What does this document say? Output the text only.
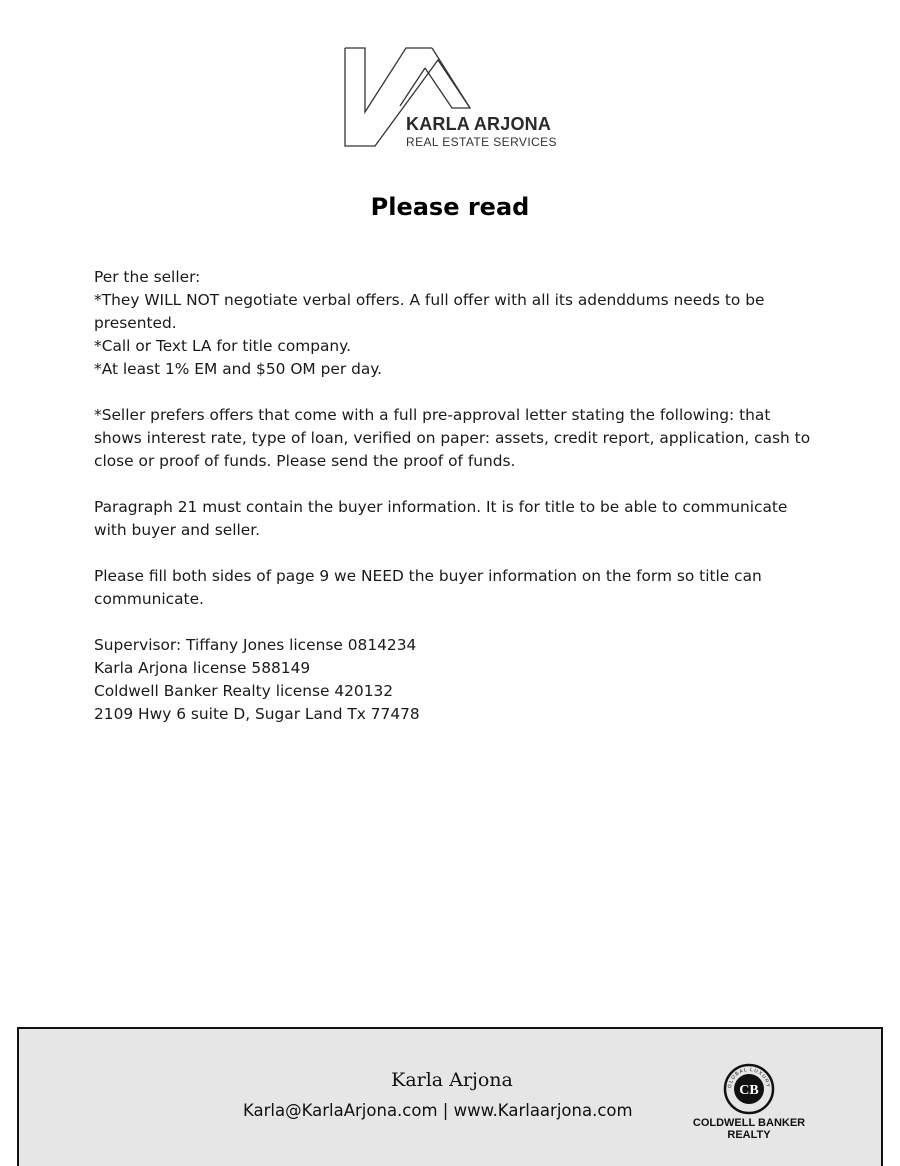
KARLA ARJONA
REAL ESTATE SERVICES
Please read

Per the seller:

*They WILL NOT negotiate verbal offers. A full offer with all its adenddums needs to be presented.

*Call or Text LA for title company.

*At least 1% EM and $50 OM per day.

*Seller prefers offers that come with a full pre-approval letter stating the following: that shows interest rate, type of loan, verified on paper: assets, credit report, application, cash to close or proof of funds. Please send the proof of funds.

Paragraph 21 must contain the buyer information. It is for title to be able to communicate with buyer and seller.

Please fill both sides of page 9 we NEED the buyer information on the form so title can communicate.

Supervisor: Tiffany Jones license 0814234

Karla Arjona license 588149

Coldwell Banker Realty license 420132

2109 Hwy 6 suite D, Sugar Land Tx 77478

Karla Arjona
Karla@KarlaArjona.com | www.Karlaarjona.com
CB
GLOBAL LUXURY
COLDWELL BANKER
REALTY
